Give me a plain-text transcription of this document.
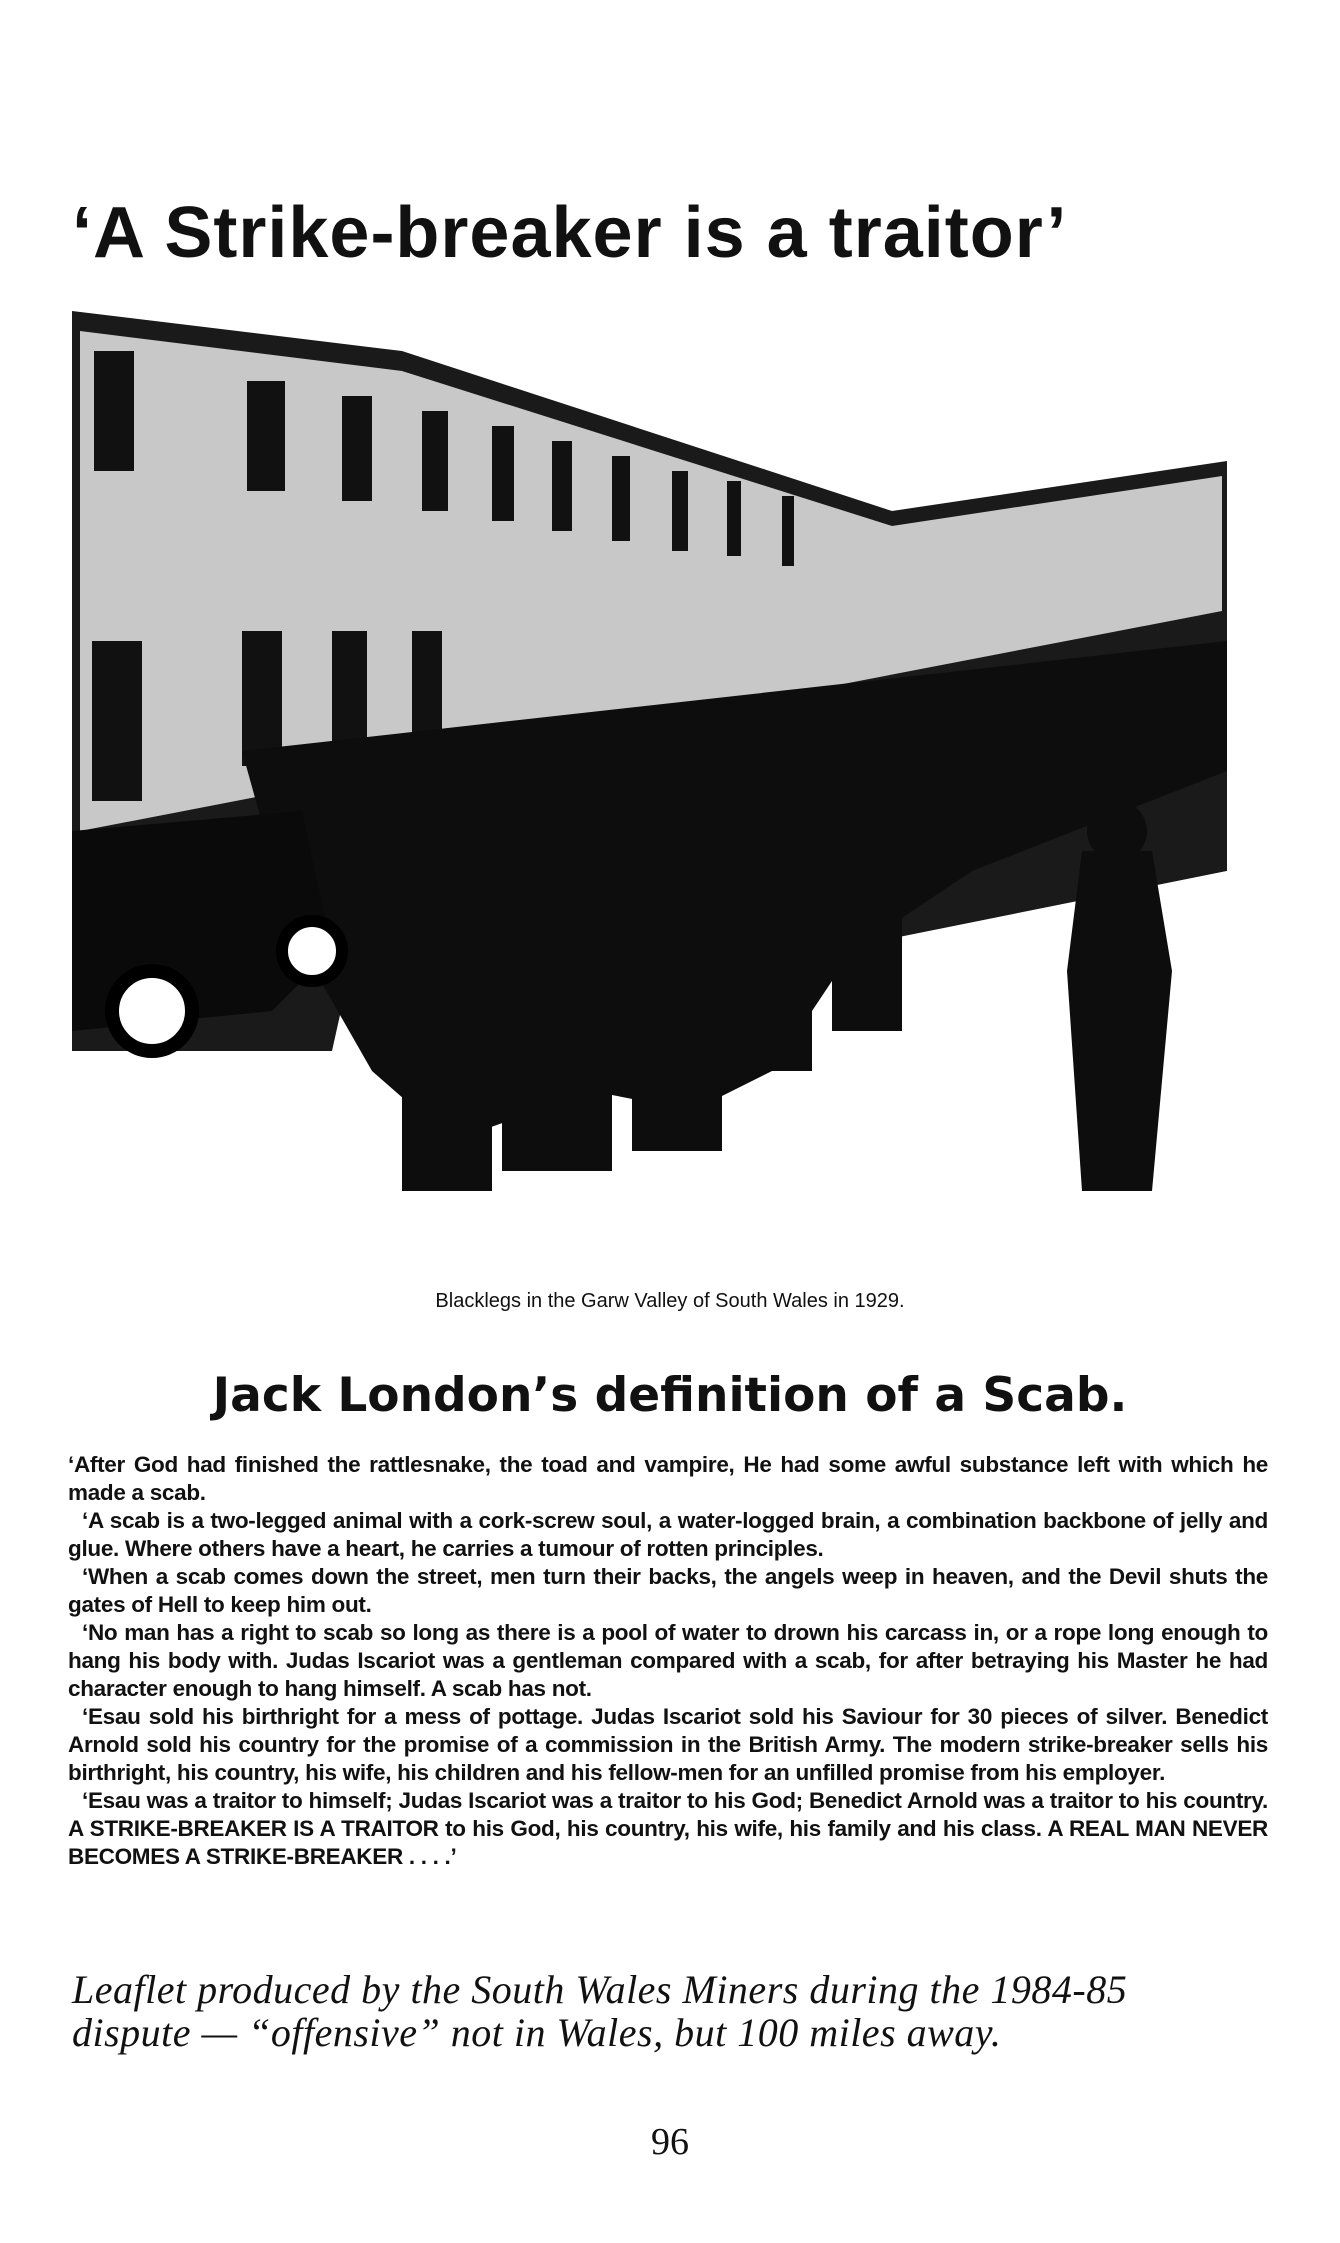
‘A Strike-breaker is a traitor’
Blacklegs in the Garw Valley of South Wales in 1929.
Jack London’s definition of a Scab.

‘After God had finished the rattlesnake, the toad and vampire, He had some awful substance left with which he made a scab.

‘A scab is a two-legged animal with a cork-screw soul, a water-logged brain, a combination backbone of jelly and glue. Where others have a heart, he carries a tumour of rotten principles.

‘When a scab comes down the street, men turn their backs, the angels weep in heaven, and the Devil shuts the gates of Hell to keep him out.

‘No man has a right to scab so long as there is a pool of water to drown his carcass in, or a rope long enough to hang his body with. Judas Iscariot was a gentleman compared with a scab, for after betraying his Master he had character enough to hang himself. A scab has not.

‘Esau sold his birthright for a mess of pottage. Judas Iscariot sold his Saviour for 30 pieces of silver. Benedict Arnold sold his country for the promise of a commission in the British Army. The modern strike-breaker sells his birthright, his country, his wife, his children and his fellow-men for an unfilled promise from his employer.

‘Esau was a traitor to himself; Judas Iscariot was a traitor to his God; Benedict Arnold was a traitor to his country. A STRIKE-BREAKER IS A TRAITOR to his God, his country, his wife, his family and his class. A REAL MAN NEVER BECOMES A STRIKE-BREAKER . . . .’

Leaflet produced by the South Wales Miners during the 1984-85 dispute — “offensive” not in Wales, but 100 miles away.
96
